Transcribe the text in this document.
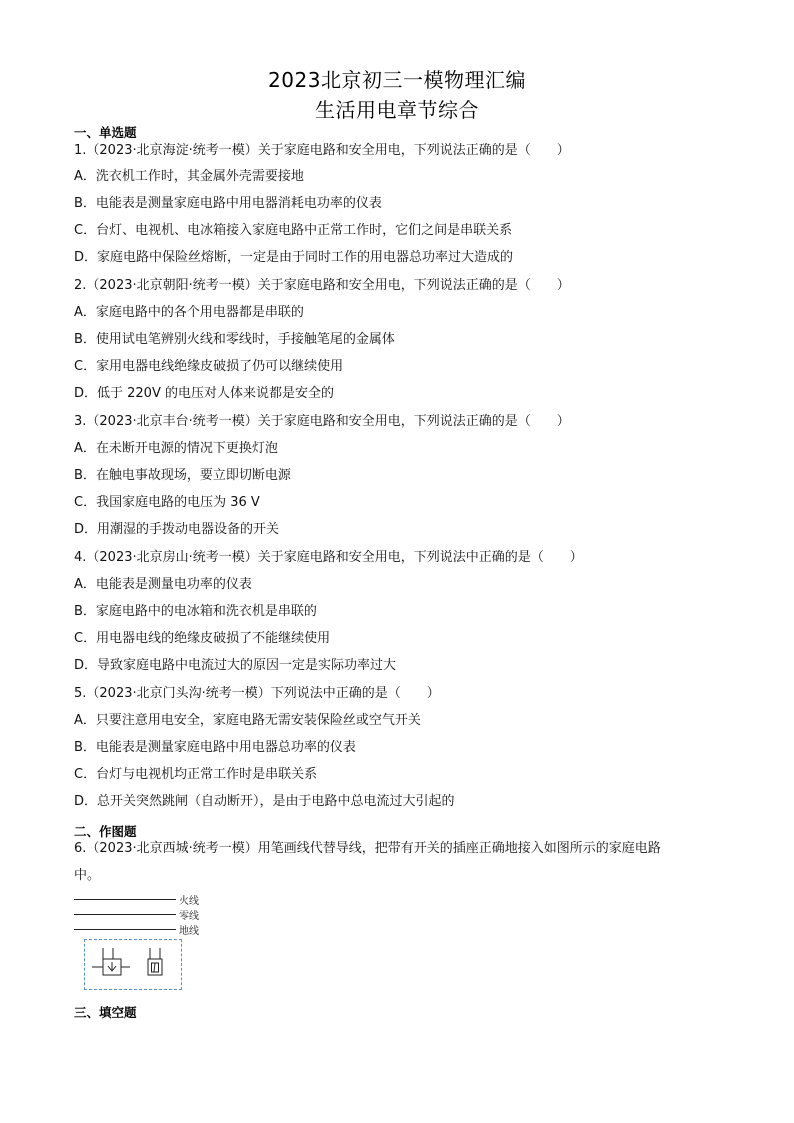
2023北京初三一模物理汇编
生活用电章节综合
一、单选题
1.（2023·北京海淀·统考一模）关于家庭电路和安全用电，下列说法正确的是（　　）
A．洗衣机工作时，其金属外壳需要接地
B．电能表是测量家庭电路中用电器消耗电功率的仪表
C．台灯、电视机、电冰箱接入家庭电路中正常工作时，它们之间是串联关系
D．家庭电路中保险丝熔断，一定是由于同时工作的用电器总功率过大造成的
2.（2023·北京朝阳·统考一模）关于家庭电路和安全用电，下列说法正确的是（　　）
A．家庭电路中的各个用电器都是串联的
B．使用试电笔辨别火线和零线时，手接触笔尾的金属体
C．家用电器电线绝缘皮破损了仍可以继续使用
D．低于 220V 的电压对人体来说都是安全的
3.（2023·北京丰台·统考一模）关于家庭电路和安全用电，下列说法正确的是（　　）
A．在未断开电源的情况下更换灯泡
B．在触电事故现场，要立即切断电源
C．我国家庭电路的电压为 36 V
D．用潮湿的手拨动电器设备的开关
4.（2023·北京房山·统考一模）关于家庭电路和安全用电，下列说法中正确的是（　　）
A．电能表是测量电功率的仪表
B．家庭电路中的电冰箱和洗衣机是串联的
C．用电器电线的绝缘皮破损了不能继续使用
D．导致家庭电路中电流过大的原因一定是实际功率过大
5.（2023·北京门头沟·统考一模）下列说法中正确的是（　　）
A．只要注意用电安全，家庭电路无需安装保险丝或空气开关
B．电能表是测量家庭电路中用电器总功率的仪表
C．台灯与电视机均正常工作时是串联关系
D．总开关突然跳闸（自动断开），是由于电路中总电流过大引起的
二、作图题
6.（2023·北京西城·统考一模）用笔画线代替导线，把带有开关的插座正确地接入如图所示的家庭电路
中。
火线
零线
地线
三、填空题
